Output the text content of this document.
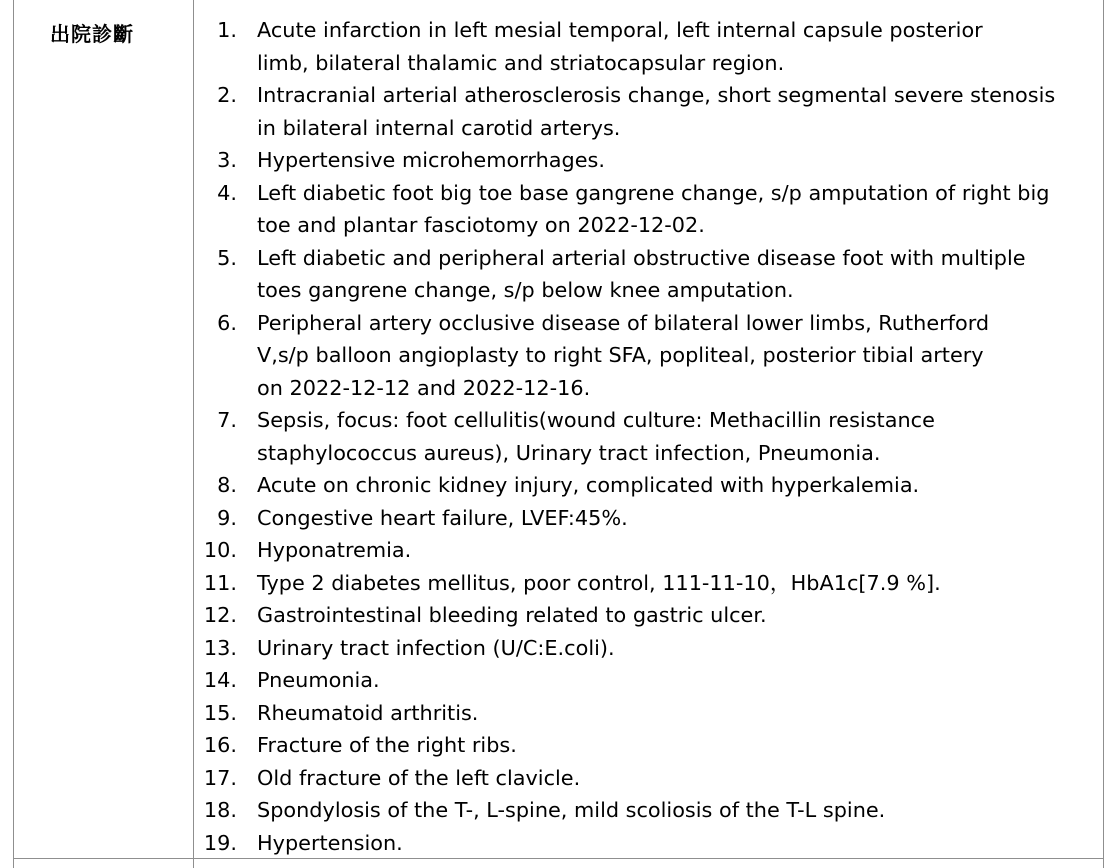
出院診斷	1. Acute infarction in left mesial temporal, left internal capsule posterior
limb, bilateral thalamic and striatocapsular region.
2. Intracranial arterial atherosclerosis change, short segmental severe stenosis
in bilateral internal carotid arterys.
3. Hypertensive microhemorrhages.
4. Left diabetic foot big toe base gangrene change, s/p amputation of right big
toe and plantar fasciotomy on 2022-12-02.
5. Left diabetic and peripheral arterial obstructive disease foot with multiple
toes gangrene change, s/p below knee amputation.
6. Peripheral artery occlusive disease of bilateral lower limbs, Rutherford
V,s/p balloon angioplasty to right SFA, popliteal, posterior tibial artery
on 2022-12-12 and 2022-12-16.
7. Sepsis, focus: foot cellulitis(wound culture: Methacillin resistance
staphylococcus aureus), Urinary tract infection, Pneumonia.
8. Acute on chronic kidney injury, complicated with hyperkalemia.
9. Congestive heart failure, LVEF:45%.
10. Hyponatremia.
11. Type 2 diabetes mellitus, poor control, 111-11-10，HbA1c[7.9 %].
12. Gastrointestinal bleeding related to gastric ulcer.
13. Urinary tract infection (U/C:E.coli).
14. Pneumonia.
15. Rheumatoid arthritis.
16. Fracture of the right ribs.
17. Old fracture of the left clavicle.
18. Spondylosis of the T-, L-spine, mild scoliosis of the T-L spine.
19. Hypertension.
